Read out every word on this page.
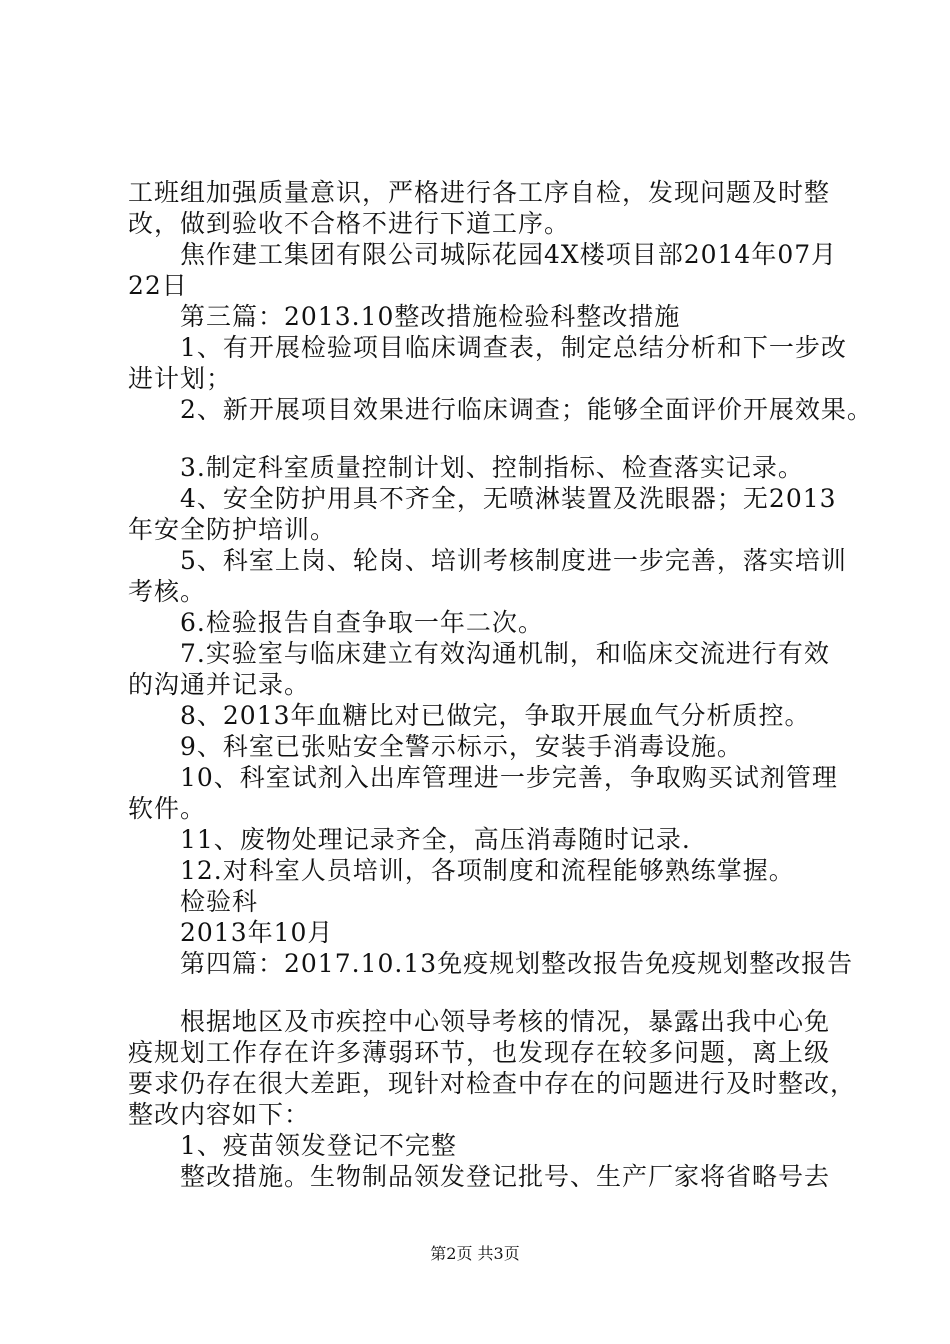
工班组加强质量意识，严格进行各工序自检，发现问题及时整
改，做到验收不合格不进行下道工序。
焦作建工集团有限公司城际花园4X楼项目部2014年07月
22日
第三篇：2013.10整改措施检验科整改措施
1、有开展检验项目临床调查表，制定总结分析和下一步改
进计划；
2、新开展项目效果进行临床调查；能够全面评价开展效果。
3.制定科室质量控制计划、控制指标、检查落实记录。
4、安全防护用具不齐全，无喷淋装置及洗眼器；无2013
年安全防护培训。
5、科室上岗、轮岗、培训考核制度进一步完善，落实培训
考核。
6.检验报告自查争取一年二次。
7.实验室与临床建立有效沟通机制，和临床交流进行有效
的沟通并记录。
8、2013年血糖比对已做完，争取开展血气分析质控。
9、科室已张贴安全警示标示，安装手消毒设施。
10、科室试剂入出库管理进一步完善，争取购买试剂管理
软件。
11、废物处理记录齐全，高压消毒随时记录.
12.对科室人员培训，各项制度和流程能够熟练掌握。
检验科
2013年10月
第四篇：2017.10.13免疫规划整改报告免疫规划整改报告
根据地区及市疾控中心领导考核的情况，暴露出我中心免
疫规划工作存在许多薄弱环节，也发现存在较多问题，离上级
要求仍存在很大差距，现针对检查中存在的问题进行及时整改，
整改内容如下：
1、疫苗领发登记不完整
整改措施。生物制品领发登记批号、生产厂家将省略号去
第2页 共3页
